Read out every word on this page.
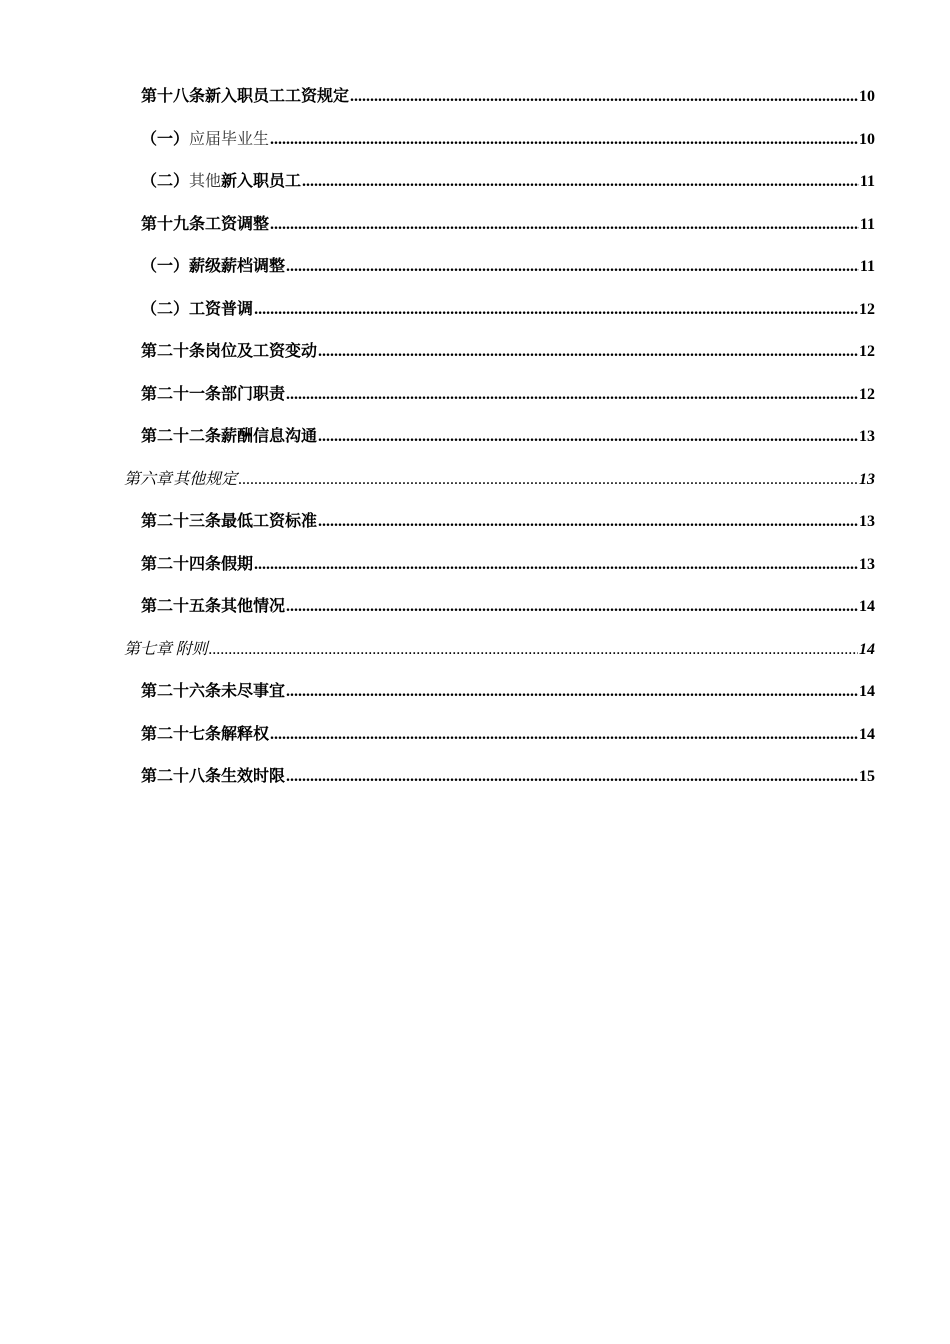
第十八条 新入职员工工资规定 .....	10
（一） 应届毕业生 .....	10
（二） 其他新入职员工 .....	11
第十九条 工资调整 .....	11
（一） 薪级薪档调整 .....	11
（二） 工资普调 .....	12
第二十条 岗位及工资变动 .....	12
第二十一条 部门职责 .....	12
第二十二条 薪酬信息沟通 .....	13
第六章 其他规定 .....	13
第二十三条 最低工资标准 .....	13
第二十四条 假期 .....	13
第二十五条 其他情况 .....	14
第七章 附则 .....	14
第二十六条 未尽事宜 .....	14
第二十七条 解释权 .....	14
第二十八条 生效时限 .....	15
